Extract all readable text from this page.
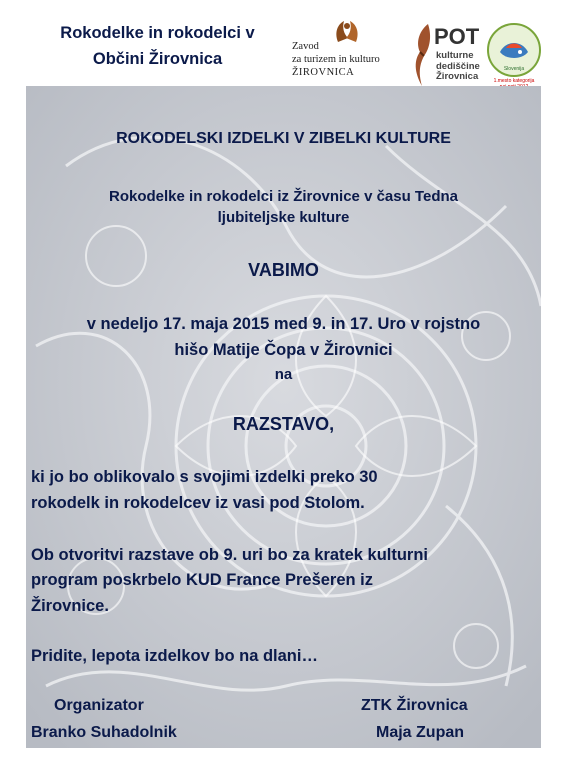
Rokodelke in rokodelci v
Občini Žirovnica
Zavod
za turizem in kulturo
ŽIROVNICA
POT
kulturne
dediščine
Žirovnica
Slovenija
1.mesto kategorija
ROKODELSKI IZDELKI V ZIBELKI KULTURE
Rokodelke in rokodelci iz Žirovnice v času Tedna
ljubiteljske kulture
VABIMO
v nedeljo 17. maja 2015 med 9. in 17. Uro v rojstno
hišo Matije Čopa v Žirovnici
na
RAZSTAVO,
ki jo bo oblikovalo s svojimi izdelki preko 30
rokodelk in rokodelcev iz vasi pod Stolom.
Ob otvoritvi razstave ob 9. uri bo za kratek kulturni
program poskrbelo KUD France Prešeren iz
Žirovnice.
Pridite, lepota izdelkov bo na dlani…
Organizator
Branko Suhadolnik
ZTK Žirovnica
Maja Zupan
